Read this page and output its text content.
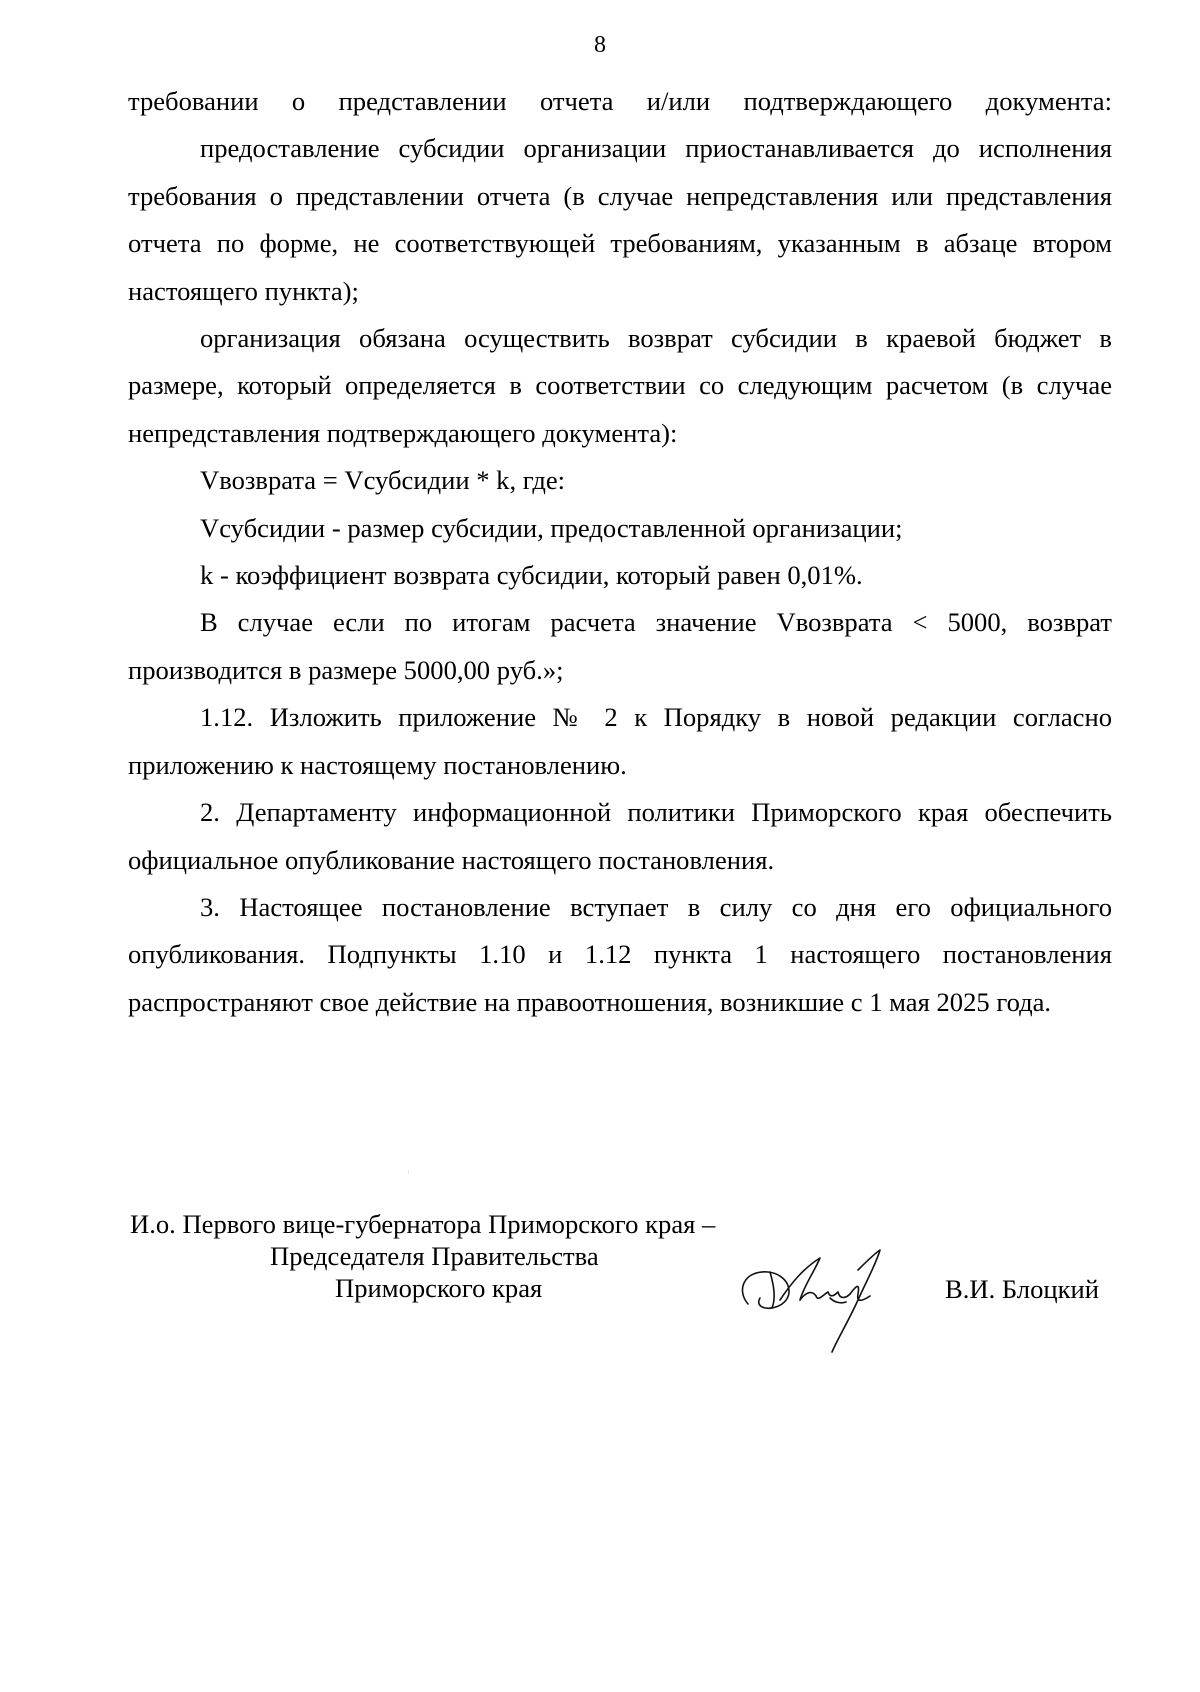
8

требовании о представлении отчета и/или подтверждающего документа:

предоставление субсидии организации приостанавливается до исполнения требования о представлении отчета (в случае непредставления или представления отчета по форме, не соответствующей требованиям, указанным в абзаце втором настоящего пункта);

организация обязана осуществить возврат субсидии в краевой бюджет в размере, который определяется в соответствии со следующим расчетом (в случае непредставления подтверждающего документа):

Vвозврата = Vсубсидии * k, где:

Vсубсидии - размер субсидии, предоставленной организации;

k - коэффициент возврата субсидии, который равен 0,01%.

В случае если по итогам расчета значение Vвозврата < 5000, возврат производится в размере 5000,00 руб.»;

1.12. Изложить приложение № 2 к Порядку в новой редакции согласно приложению к настоящему постановлению.

2. Департаменту информационной политики Приморского края обеспечить официальное опубликование настоящего постановления.

3. Настоящее постановление вступает в силу со дня его официального опубликования. Подпункты 1.10 и 1.12 пункта 1 настоящего постановления распространяют свое действие на правоотношения, возникшие с 1 мая 2025 года.

И.о. Первого вице-губернатора Приморского края –
Председателя Правительства
Приморского края	В.И. Блоцкий
